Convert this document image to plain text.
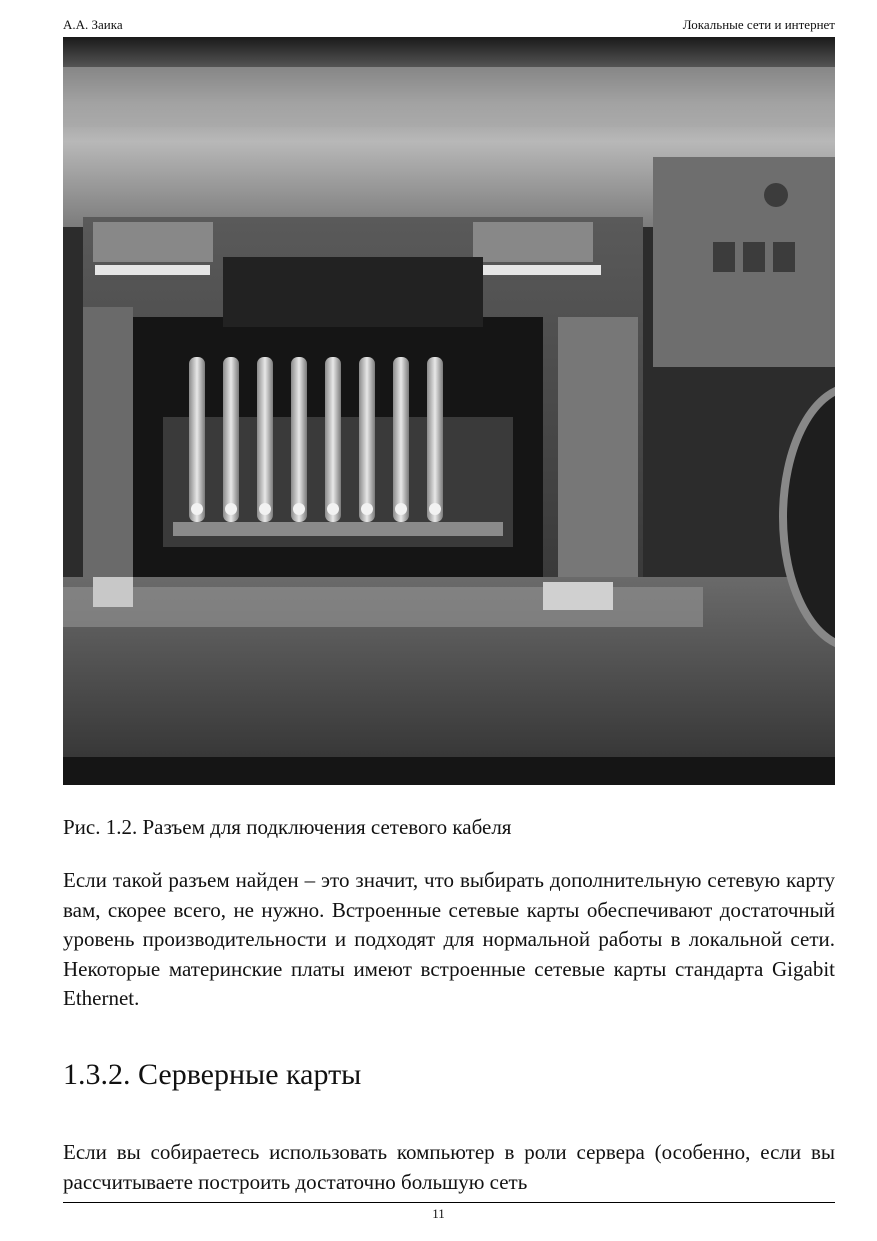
А.А. Заика	Локальные сети и интернет
Рис. 1.2. Разъем для подключения сетевого кабеля

Если такой разъем найден – это значит, что выбирать дополнительную сетевую карту вам, скорее всего, не нужно. Встроенные сетевые карты обеспечивают достаточный уровень производительности и подходят для нормальной работы в локальной сети. Некоторые материнские платы имеют встроенные сетевые карты стандарта Gigabit Ethernet.

1.3.2. Серверные карты

Если вы собираетесь использовать компьютер в роли сервера (особенно, если вы рассчитываете построить достаточно большую сеть

11
